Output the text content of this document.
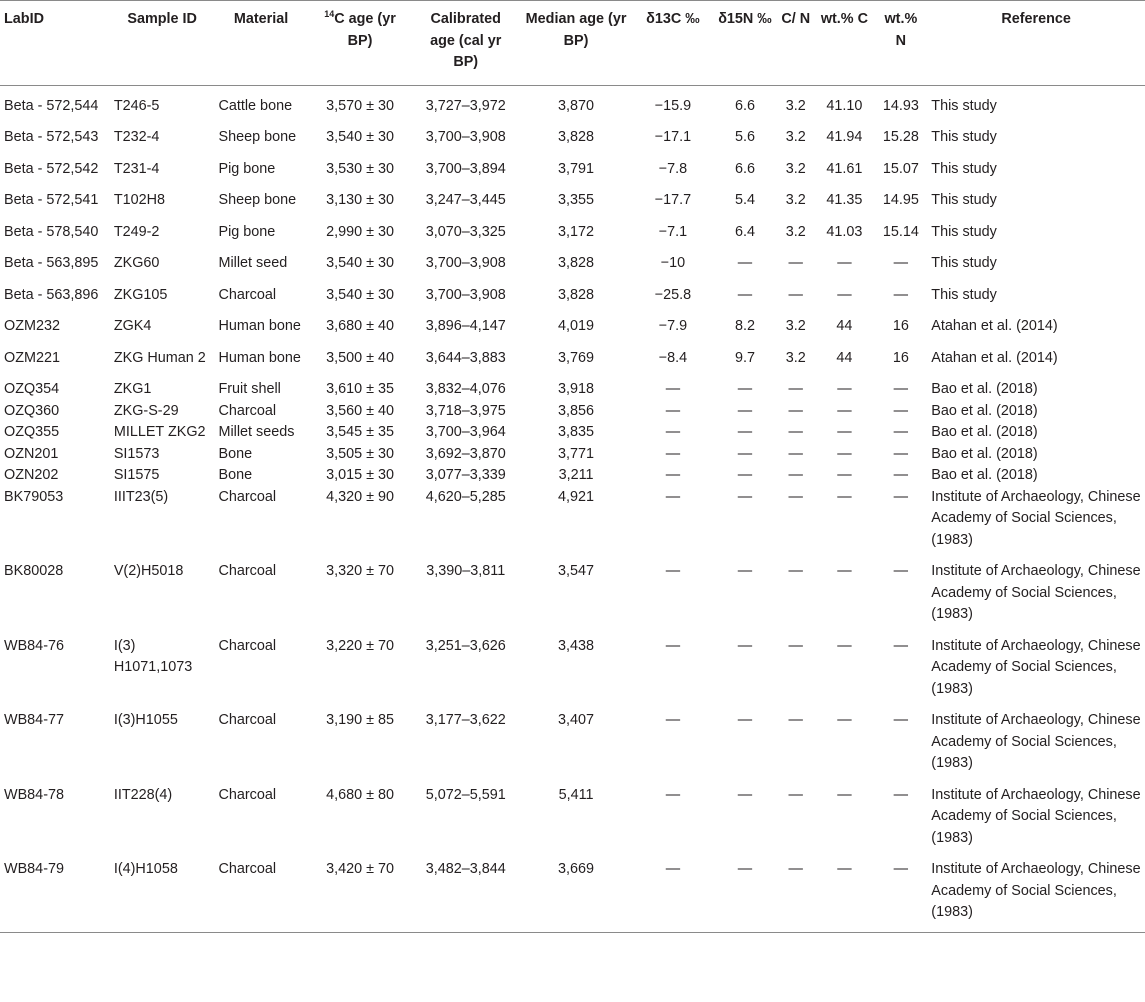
LabID	Sample ID	Material	$^{14}$C age (yr BP)	Calibrated age (cal yr BP)	Median age (yr BP)	δ13C ‰	δ15N ‰	C/ N	wt.% C	wt.% N	Reference
Beta - 572,544	T246-5	Cattle bone	3,570 ± 30	3,727–3,972	3,870	−15.9	6.6	3.2	41.10	14.93	This study
Beta - 572,543	T232-4	Sheep bone	3,540 ± 30	3,700–3,908	3,828	−17.1	5.6	3.2	41.94	15.28	This study
Beta - 572,542	T231-4	Pig bone	3,530 ± 30	3,700–3,894	3,791	−7.8	6.6	3.2	41.61	15.07	This study
Beta - 572,541	T102H8	Sheep bone	3,130 ± 30	3,247–3,445	3,355	−17.7	5.4	3.2	41.35	14.95	This study
Beta - 578,540	T249-2	Pig bone	2,990 ± 30	3,070–3,325	3,172	−7.1	6.4	3.2	41.03	15.14	This study
Beta - 563,895	ZKG60	Millet seed	3,540 ± 30	3,700–3,908	3,828	−10	—	—	—	—	This study
Beta - 563,896	ZKG105	Charcoal	3,540 ± 30	3,700–3,908	3,828	−25.8	—	—	—	—	This study
OZM232	ZGK4	Human bone	3,680 ± 40	3,896–4,147	4,019	−7.9	8.2	3.2	44	16	Atahan et al. (2014)
OZM221	ZKG Human 2	Human bone	3,500 ± 40	3,644–3,883	3,769	−8.4	9.7	3.2	44	16	Atahan et al. (2014)
OZQ354	ZKG1	Fruit shell	3,610 ± 35	3,832–4,076	3,918	—	—	—	—	—	Bao et al. (2018)
OZQ360	ZKG-S-29	Charcoal	3,560 ± 40	3,718–3,975	3,856	—	—	—	—	—	Bao et al. (2018)
OZQ355	MILLET ZKG2	Millet seeds	3,545 ± 35	3,700–3,964	3,835	—	—	—	—	—	Bao et al. (2018)
OZN201	SI1573	Bone	3,505 ± 30	3,692–3,870	3,771	—	—	—	—	—	Bao et al. (2018)
OZN202	SI1575	Bone	3,015 ± 30	3,077–3,339	3,211	—	—	—	—	—	Bao et al. (2018)
BK79053	IIIT23(5)	Charcoal	4,320 ± 90	4,620–5,285	4,921	—	—	—	—	—	Institute of Archaeology, Chinese Academy of Social Sciences, (1983)
BK80028	V(2)H5018	Charcoal	3,320 ± 70	3,390–3,811	3,547	—	—	—	—	—	Institute of Archaeology, Chinese Academy of Social Sciences, (1983)
WB84-76	I(3) H1071,1073	Charcoal	3,220 ± 70	3,251–3,626	3,438	—	—	—	—	—	Institute of Archaeology, Chinese Academy of Social Sciences, (1983)
WB84-77	I(3)H1055	Charcoal	3,190 ± 85	3,177–3,622	3,407	—	—	—	—	—	Institute of Archaeology, Chinese Academy of Social Sciences, (1983)
WB84-78	IIT228(4)	Charcoal	4,680 ± 80	5,072–5,591	5,411	—	—	—	—	—	Institute of Archaeology, Chinese Academy of Social Sciences, (1983)
WB84-79	I(4)H1058	Charcoal	3,420 ± 70	3,482–3,844	3,669	—	—	—	—	—	Institute of Archaeology, Chinese Academy of Social Sciences, (1983)
